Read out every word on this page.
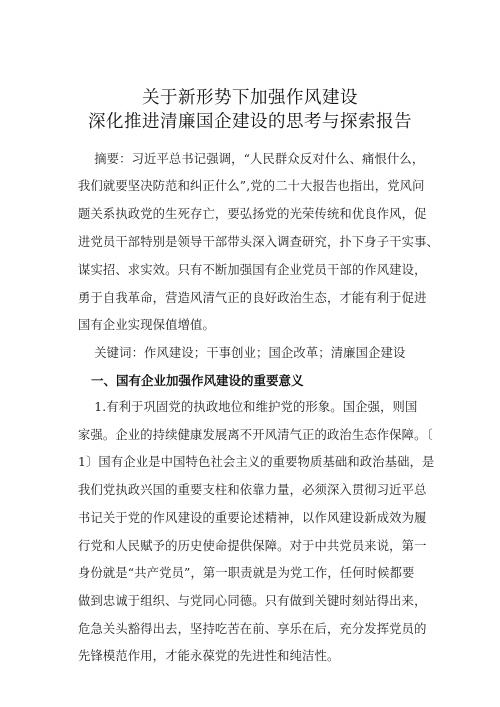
关于新形势下加强作风建设
深化推进清廉国企建设的思考与探索报告
摘要：习近平总书记强调，“人民群众反对什么、痛恨什么，
我们就要坚决防范和纠正什么”,党的二十大报告也指出，党风问
题关系执政党的生死存亡，要弘扬党的光荣传统和优良作风，促
进党员干部特别是领导干部带头深入调查研究，扑下身子干实事、
谋实招、求实效。只有不断加强国有企业党员干部的作风建设，
勇于自我革命，营造风清气正的良好政治生态，才能有利于促进
国有企业实现保值增值。
关键词：作风建设；干事创业；国企改革；清廉国企建设
一、国有企业加强作风建设的重要意义
1.有利于巩固党的执政地位和维护党的形象。国企强，则国
家强。企业的持续健康发展离不开风清气正的政治生态作保障。〔
1〕国有企业是中国特色社会主义的重要物质基础和政治基础，是
我们党执政兴国的重要支柱和依靠力量，必须深入贯彻习近平总
书记关于党的作风建设的重要论述精神，以作风建设新成效为履
行党和人民赋予的历史使命提供保障。对于中共党员来说，第一
身份就是“共产党员”，第一职责就是为党工作，任何时候都要
做到忠诚于组织、与党同心同德。只有做到关键时刻站得出来，
危急关头豁得出去，坚持吃苦在前、享乐在后，充分发挥党员的
先锋模范作用，才能永葆党的先进性和纯洁性。
